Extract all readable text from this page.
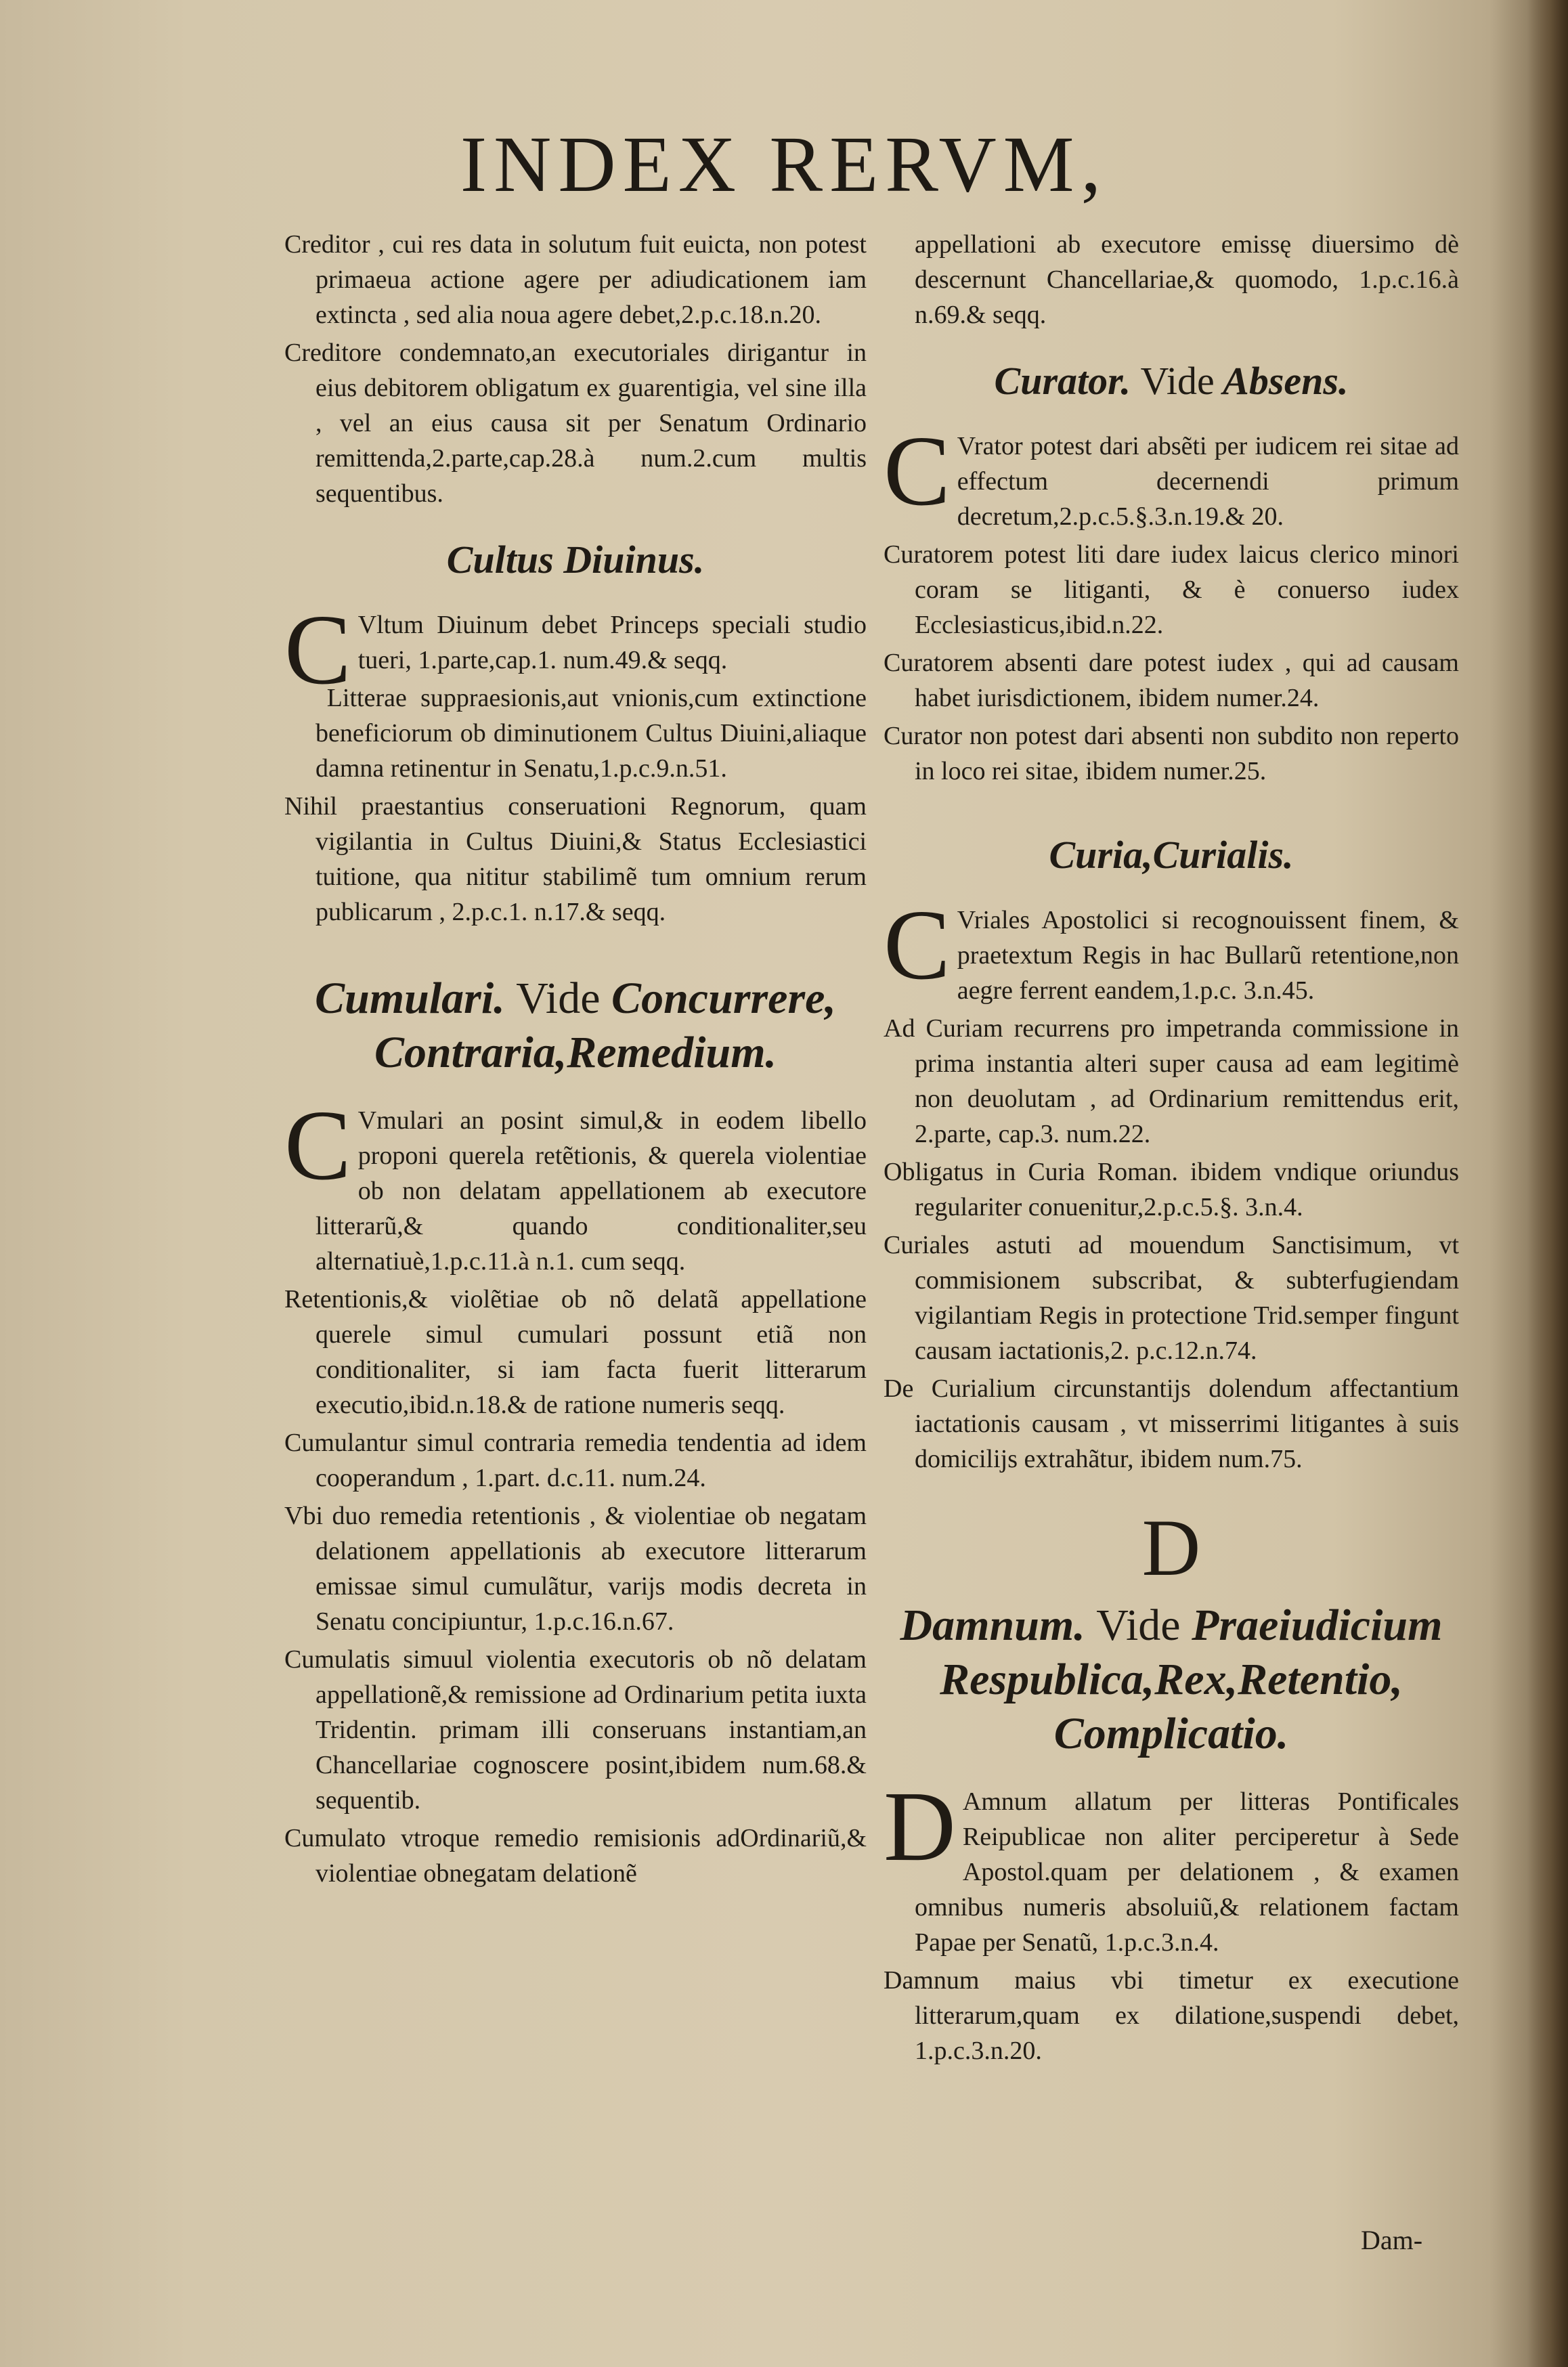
INDEX RERVM,

Creditor , cui res data in solutum fuit euicta, non potest primaeua actione agere per adiudicationem iam extincta , sed alia noua agere debet,2.p.c.18.n.20.

Creditore condemnato,an executoriales dirigantur in eius debitorem obligatum ex guarentigia, vel sine illa , vel an eius causa sit per Senatum Ordinario remittenda,2.parte,cap.28.à num.2.cum multis sequentibus.

Cultus Diuinus.

C Vltum Diuinum debet Princeps speciali studio tueri, 1.parte,cap.1. num.49.& seqq.

Litterae suppraesionis,aut vnionis,cum extinctione beneficiorum ob diminutionem Cultus Diuini,aliaque damna retinentur in Senatu,1.p.c.9.n.51.

Nihil praestantius conseruationi Regnorum, quam vigilantia in Cultus Diuini,& Status Ecclesiastici tuitione, qua nititur stabilimẽ tum omnium rerum publicarum , 2.p.c.1. n.17.& seqq.

Cumulari. Vide Concurrere,
Contraria,Remedium.

C Vmulari an posint simul,& in eodem libello proponi querela retẽtionis, & querela violentiae ob non delatam appellationem ab executore litterarũ,& quando conditionaliter,seu alternatiuè,1.p.c.11.à n.1. cum seqq.

Retentionis,& violẽtiae ob nõ delatã appellatione querele simul cumulari possunt etiã non conditionaliter, si iam facta fuerit litterarum executio,ibid.n.18.& de ratione numeris seqq.

Cumulantur simul contraria remedia tendentia ad idem cooperandum , 1.part. d.c.11. num.24.

Vbi duo remedia retentionis , & violentiae ob negatam delationem appellationis ab executore litterarum emissae simul cumulãtur, varijs modis decreta in Senatu concipiuntur, 1.p.c.16.n.67.

Cumulatis simuul violentia executoris ob nõ delatam appellationẽ,& remissione ad Ordinarium petita iuxta Tridentin. primam illi conseruans instantiam,an Chancellariae cognoscere posint,ibidem num.68.& sequentib.

Cumulato vtroque remedio remisionis adOrdinariũ,& violentiae obnegatam delationẽ

appellationi ab executore emissę diuersimo dè descernunt Chancellariae,& quomodo, 1.p.c.16.à n.69.& seqq.

Curator. Vide Absens.

C Vrator potest dari absẽti per iudicem rei sitae ad effectum decernendi primum decretum,2.p.c.5.§.3.n.19.& 20.

Curatorem potest liti dare iudex laicus clerico minori coram se litiganti, & è conuerso iudex Ecclesiasticus,ibid.n.22.

Curatorem absenti dare potest iudex , qui ad causam habet iurisdictionem, ibidem numer.24.

Curator non potest dari absenti non subdito non reperto in loco rei sitae, ibidem numer.25.

Curia,Curialis.

C Vriales Apostolici si recognouissent finem, & praetextum Regis in hac Bullarũ retentione,non aegre ferrent eandem,1.p.c. 3.n.45.

Ad Curiam recurrens pro impetranda commissione in prima instantia alteri super causa ad eam legitimè non deuolutam , ad Ordinarium remittendus erit, 2.parte, cap.3. num.22.

Obligatus in Curia Roman. ibidem vndique oriundus regulariter conuenitur,2.p.c.5.§. 3.n.4.

Curiales astuti ad mouendum Sanctisimum, vt commisionem subscribat, & subterfugiendam vigilantiam Regis in protectione Trid.semper fingunt causam iactationis,2. p.c.12.n.74.

De Curialium circunstantijs dolendum affectantium iactationis causam , vt misserrimi litigantes à suis domicilijs extrahãtur, ibidem num.75.

D
Damnum. Vide Praeiudicium
Respublica,Rex,Retentio,
Complicatio.

D Amnum allatum per litteras Pontificales Reipublicae non aliter perciperetur à Sede Apostol.quam per delationem , & examen omnibus numeris absoluiũ,& relationem factam Papae per Senatũ, 1.p.c.3.n.4.

Damnum maius vbi timetur ex executione litterarum,quam ex dilatione,suspendi debet, 1.p.c.3.n.20.

Dam-
